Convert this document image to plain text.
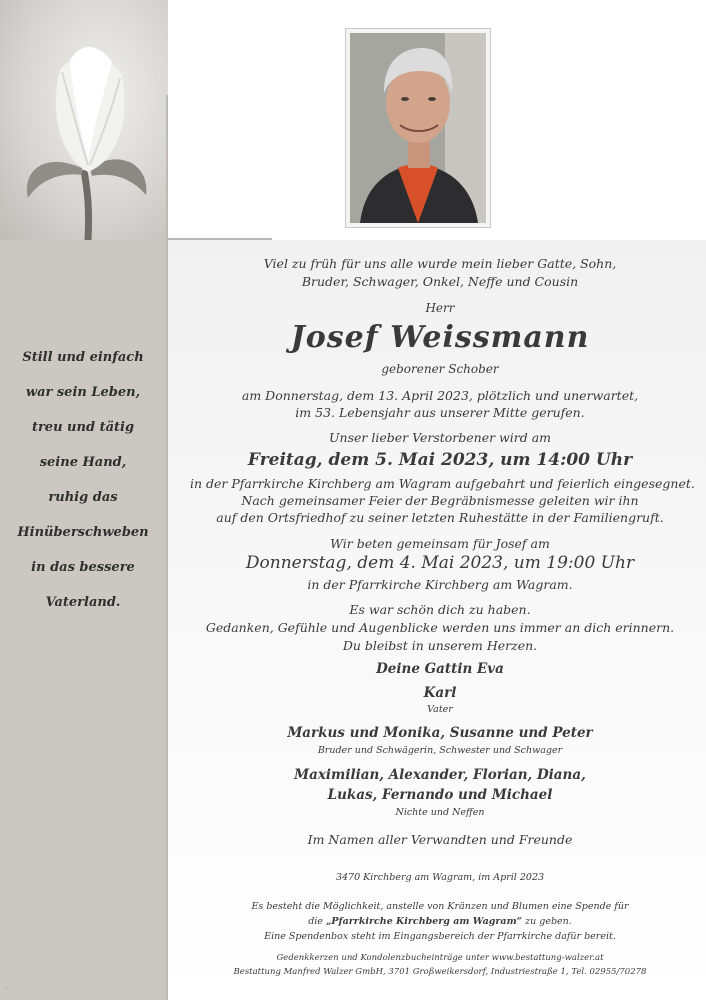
Still und einfach
war sein Leben,
treu und tätig
seine Hand,
ruhig das
Hinüberschweben
in das bessere
Vaterland.
·····
Viel zu früh für uns alle wurde mein lieber Gatte, Sohn,
Bruder, Schwager, Onkel, Neffe und Cousin
Herr
Josef Weissmann
geborener Schober
am Donnerstag, dem 13. April 2023, plötzlich und unerwartet,
im 53. Lebensjahr aus unserer Mitte gerufen.
Unser lieber Verstorbener wird am
Freitag, dem 5. Mai 2023, um 14:00 Uhr
in der Pfarrkirche Kirchberg am Wagram aufgebahrt und feierlich eingesegnet.
Nach gemeinsamer Feier der Begräbnismesse geleiten wir ihn
auf den Ortsfriedhof zu seiner letzten Ruhestätte in der Familiengruft.
Wir beten gemeinsam für Josef am
Donnerstag, dem 4. Mai 2023, um 19:00 Uhr
in der Pfarrkirche Kirchberg am Wagram.
Es war schön dich zu haben.
Gedanken, Gefühle und Augenblicke werden uns immer an dich erinnern.
Du bleibst in unserem Herzen.
Deine Gattin Eva
Karl
Vater
Markus und Monika, Susanne und Peter
Bruder und Schwägerin, Schwester und Schwager
Maximilian, Alexander, Florian, Diana,
Lukas, Fernando und Michael
Nichte und Neffen
Im Namen aller Verwandten und Freunde
3470 Kirchberg am Wagram, im April 2023
Es besteht die Möglichkeit, anstelle von Kränzen und Blumen eine Spende für
die „Pfarrkirche Kirchberg am Wagram“ zu geben.
Eine Spendenbox steht im Eingangsbereich der Pfarrkirche dafür bereit.
Gedenkkerzen und Kondolenzbucheinträge unter www.bestattung-walzer.at
Bestattung Manfred Walzer GmbH, 3701 Großweikersdorf, Industriestraße 1, Tel. 02955/70278
